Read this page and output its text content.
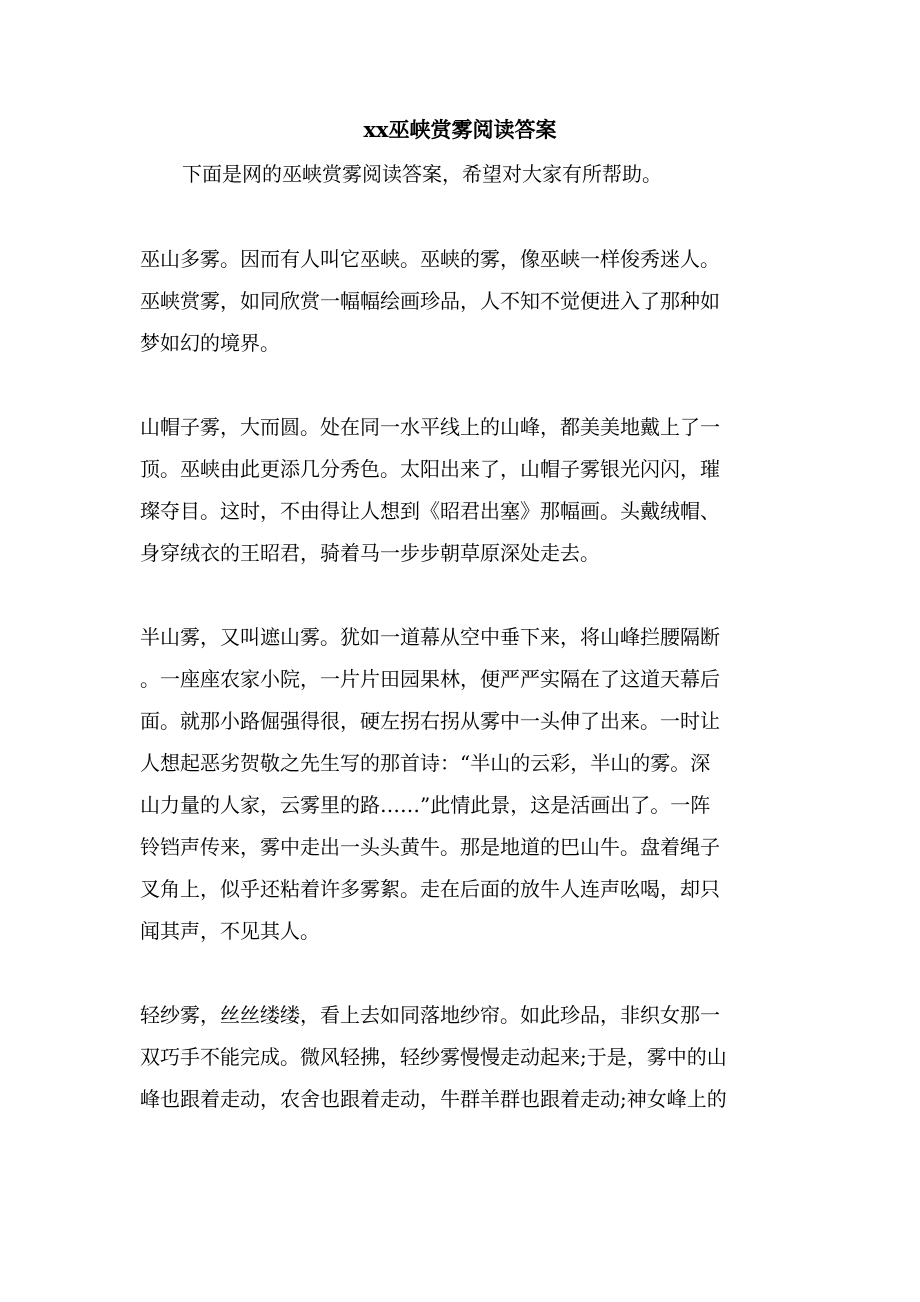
xx巫峡赏雾阅读答案
下面是网的巫峡赏雾阅读答案，希望对大家有所帮助。
巫山多雾。因而有人叫它巫峡。巫峡的雾，像巫峡一样俊秀迷人。
巫峡赏雾，如同欣赏一幅幅绘画珍品，人不知不觉便进入了那种如
梦如幻的境界。
山帽子雾，大而圆。处在同一水平线上的山峰，都美美地戴上了一
顶。巫峡由此更添几分秀色。太阳出来了，山帽子雾银光闪闪，璀
璨夺目。这时，不由得让人想到《昭君出塞》那幅画。头戴绒帽、
身穿绒衣的王昭君，骑着马一步步朝草原深处走去。
半山雾，又叫遮山雾。犹如一道幕从空中垂下来，将山峰拦腰隔断
。一座座农家小院，一片片田园果林，便严严实隔在了这道天幕后
面。就那小路倔强得很，硬左拐右拐从雾中一头伸了出来。一时让
人想起恶劣贺敬之先生写的那首诗：“半山的云彩，半山的雾。深
山力量的人家，云雾里的路……”此情此景，这是活画出了。一阵
铃铛声传来，雾中走出一头头黄牛。那是地道的巴山牛。盘着绳子
叉角上，似乎还粘着许多雾絮。走在后面的放牛人连声吆喝，却只
闻其声，不见其人。
轻纱雾，丝丝缕缕，看上去如同落地纱帘。如此珍品，非织女那一
双巧手不能完成。微风轻拂，轻纱雾慢慢走动起来;于是，雾中的山
峰也跟着走动，农舍也跟着走动，牛群羊群也跟着走动;神女峰上的
